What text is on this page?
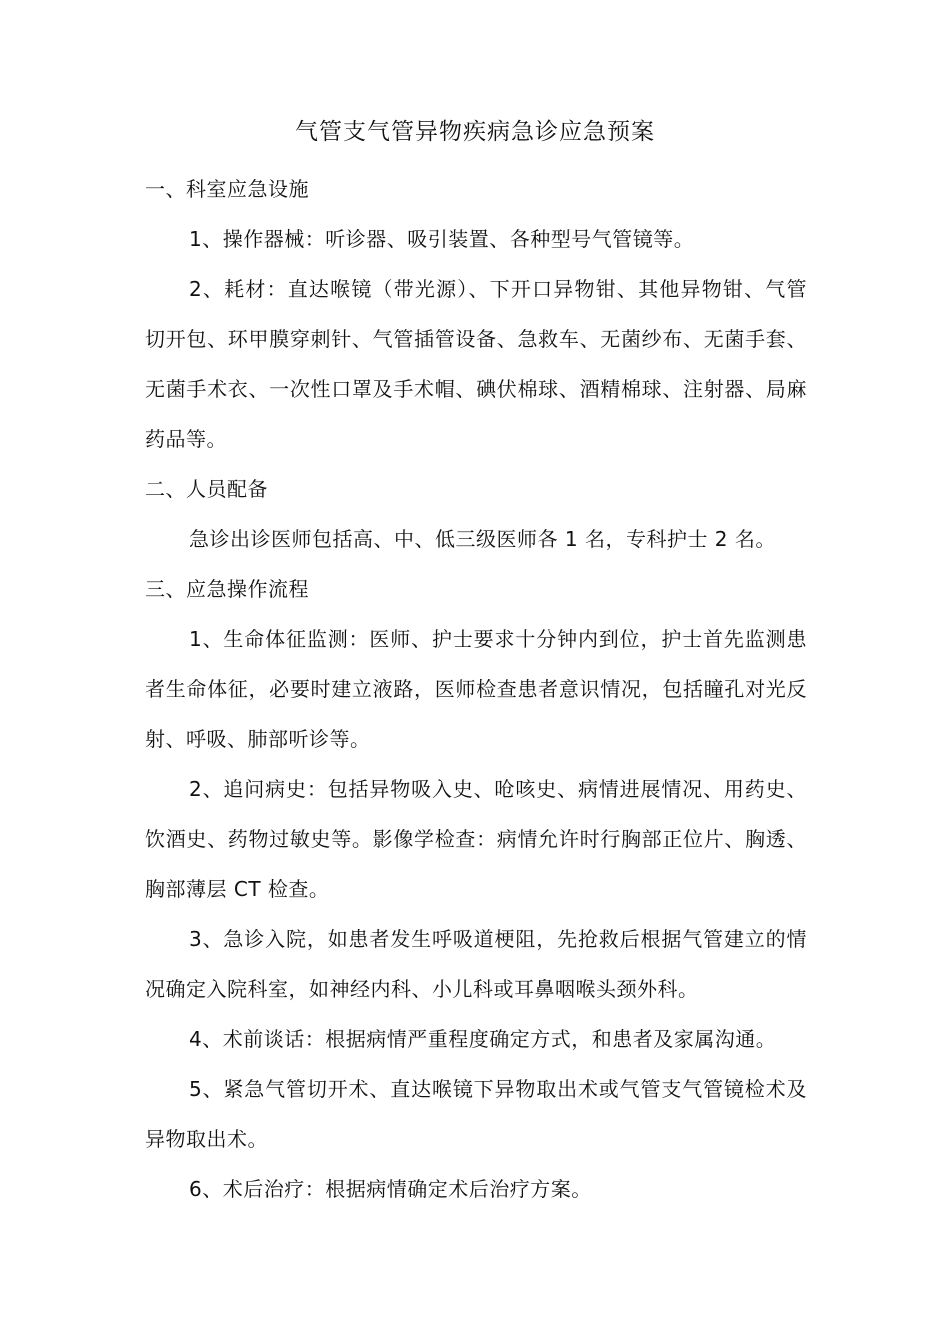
气管支气管异物疾病急诊应急预案
一、科室应急设施

1、操作器械：听诊器、吸引装置、各种型号气管镜等。

2、耗材：直达喉镜（带光源）、下开口异物钳、其他异物钳、气管切开包、环甲膜穿刺针、气管插管设备、急救车、无菌纱布、无菌手套、无菌手术衣、一次性口罩及手术帽、碘伏棉球、酒精棉球、注射器、局麻药品等。

二、人员配备

急诊出诊医师包括高、中、低三级医师各 1 名，专科护士 2 名。

三、应急操作流程

1、生命体征监测：医师、护士要求十分钟内到位，护士首先监测患者生命体征，必要时建立液路，医师检查患者意识情况，包括瞳孔对光反射、呼吸、肺部听诊等。

2、追问病史：包括异物吸入史、呛咳史、病情进展情况、用药史、饮酒史、药物过敏史等。影像学检查：病情允许时行胸部正位片、胸透、胸部薄层 CT 检查。

3、急诊入院，如患者发生呼吸道梗阻，先抢救后根据气管建立的情况确定入院科室，如神经内科、小儿科或耳鼻咽喉头颈外科。

4、术前谈话：根据病情严重程度确定方式，和患者及家属沟通。

5、紧急气管切开术、直达喉镜下异物取出术或气管支气管镜检术及异物取出术。

6、术后治疗：根据病情确定术后治疗方案。
